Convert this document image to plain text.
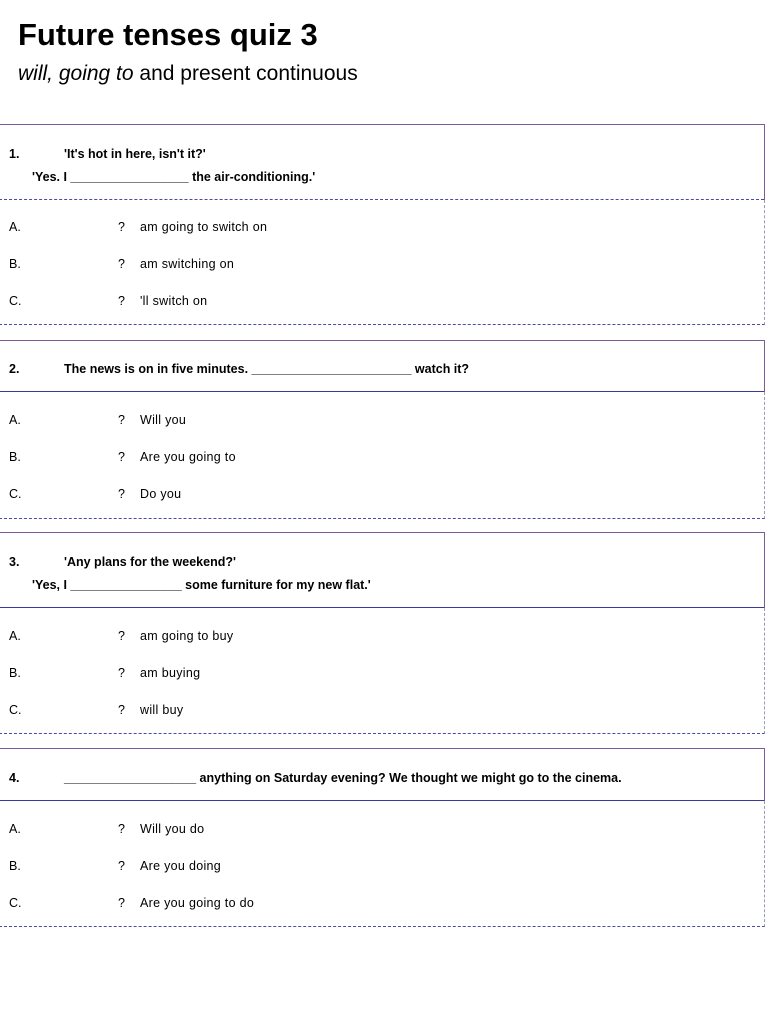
Future tenses quiz 3

will, going to and present continuous

1.	'It's hot in here, isn't it?'
'Yes. I _________________ the air-conditioning.'
A.	? am going to switch on
B.	? am switching on
C.	? 'll switch on
2.	The news is on in five minutes. _______________________ watch it?
A.	? Will you
B.	? Are you going to
C.	? Do you
3.	'Any plans for the weekend?'
'Yes, I ________________ some furniture for my new flat.'
A.	? am going to buy
B.	? am buying
C.	? will buy
4.	___________________ anything on Saturday evening? We thought we might go to the cinema.
A.	? Will you do
B.	? Are you doing
C.	? Are you going to do
